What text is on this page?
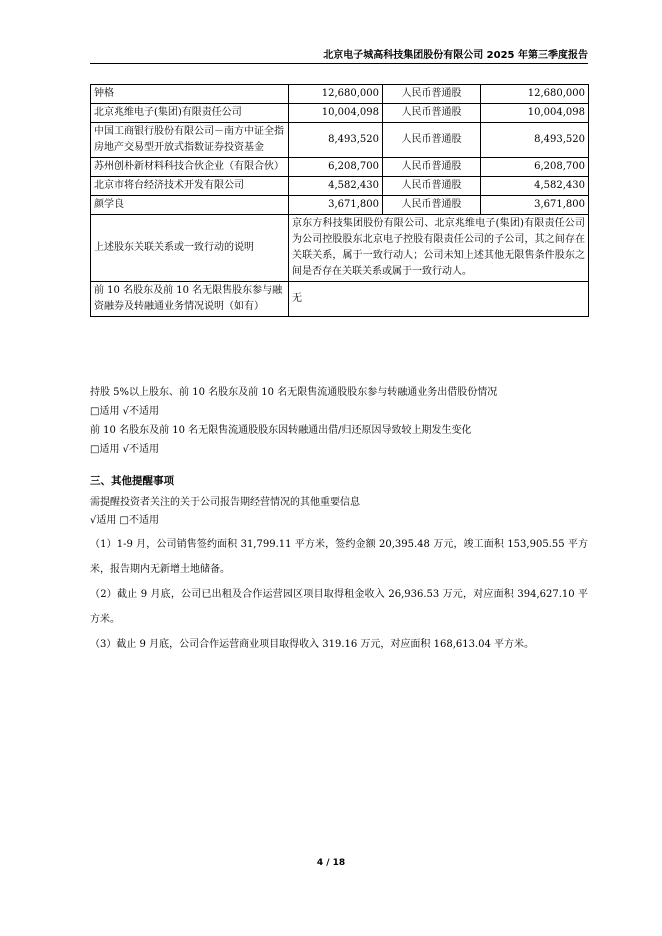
北京电子城高科技集团股份有限公司 2025 年第三季度报告
钟格	12,680,000	人民币普通股	12,680,000
北京兆维电子(集团)有限责任公司	10,004,098	人民币普通股	10,004,098
中国工商银行股份有限公司－南方中证全指房地产交易型开放式指数证券投资基金	8,493,520	人民币普通股	8,493,520
苏州创朴新材料科技合伙企业（有限合伙）	6,208,700	人民币普通股	6,208,700
北京市将台经济技术开发有限公司	4,582,430	人民币普通股	4,582,430
颜学良	3,671,800	人民币普通股	3,671,800
上述股东关联关系或一致行动的说明	京东方科技集团股份有限公司、北京兆维电子(集团)有限责任公司为公司控股股东北京电子控股有限责任公司的子公司，其之间存在关联关系，属于一致行动人；公司未知上述其他无限售条件股东之间是否存在关联关系或属于一致行动人。		
前 10 名股东及前 10 名无限售股东参与融资融券及转融通业务情况说明（如有）	无		
持股 5%以上股东、前 10 名股东及前 10 名无限售流通股股东参与转融通业务出借股份情况
□适用 √不适用
前 10 名股东及前 10 名无限售流通股股东因转融通出借/归还原因导致较上期发生变化
□适用 √不适用
三、其他提醒事项
需提醒投资者关注的关于公司报告期经营情况的其他重要信息
√适用 □不适用
（1）1-9 月，公司销售签约面积 31,799.11 平方米，签约金额 20,395.48 万元，竣工面积 153,905.55 平方米，报告期内无新增土地储备。
（2）截止 9 月底，公司已出租及合作运营园区项目取得租金收入 26,936.53 万元，对应面积 394,627.10 平方米。
（3）截止 9 月底，公司合作运营商业项目取得收入 319.16 万元，对应面积 168,613.04 平方米。
4 / 18
